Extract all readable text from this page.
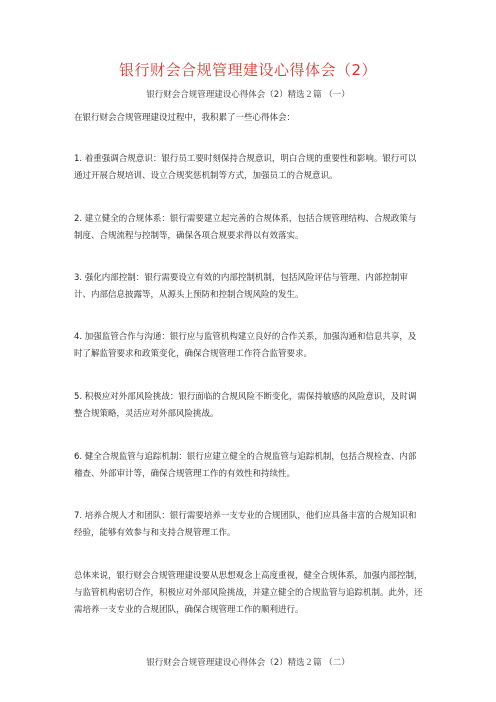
银行财会合规管理建设心得体会（2）
银行财会合规管理建设心得体会（2）精选２篇 （一）
在银行财会合规管理建设过程中，我积累了一些心得体会：
1. 着重强调合规意识：银行员工要时刻保持合规意识，明白合规的重要性和影响。银行可以通过开展合规培训、设立合规奖惩机制等方式，加强员工的合规意识。
2. 建立健全的合规体系：银行需要建立起完善的合规体系，包括合规管理结构、合规政策与制度、合规流程与控制等，确保各项合规要求得以有效落实。
3. 强化内部控制：银行需要设立有效的内部控制机制，包括风险评估与管理、内部控制审计、内部信息披露等，从源头上预防和控制合规风险的发生。
4. 加强监管合作与沟通：银行应与监管机构建立良好的合作关系，加强沟通和信息共享，及时了解监管要求和政策变化，确保合规管理工作符合监管要求。
5. 积极应对外部风险挑战：银行面临的合规风险不断变化，需保持敏感的风险意识，及时调整合规策略，灵活应对外部风险挑战。
6. 健全合规监管与追踪机制：银行应建立健全的合规监管与追踪机制，包括合规检查、内部稽查、外部审计等，确保合规管理工作的有效性和持续性。
7. 培养合规人才和团队：银行需要培养一支专业的合规团队，他们应具备丰富的合规知识和经验，能够有效参与和支持合规管理工作。
总体来说，银行财会合规管理建设要从思想观念上高度重视，健全合规体系，加强内部控制，与监管机构密切合作，积极应对外部风险挑战，并建立健全的合规监管与追踪机制。此外，还需培养一支专业的合规团队，确保合规管理工作的顺利进行。
银行财会合规管理建设心得体会（2）精选２篇 （二）
